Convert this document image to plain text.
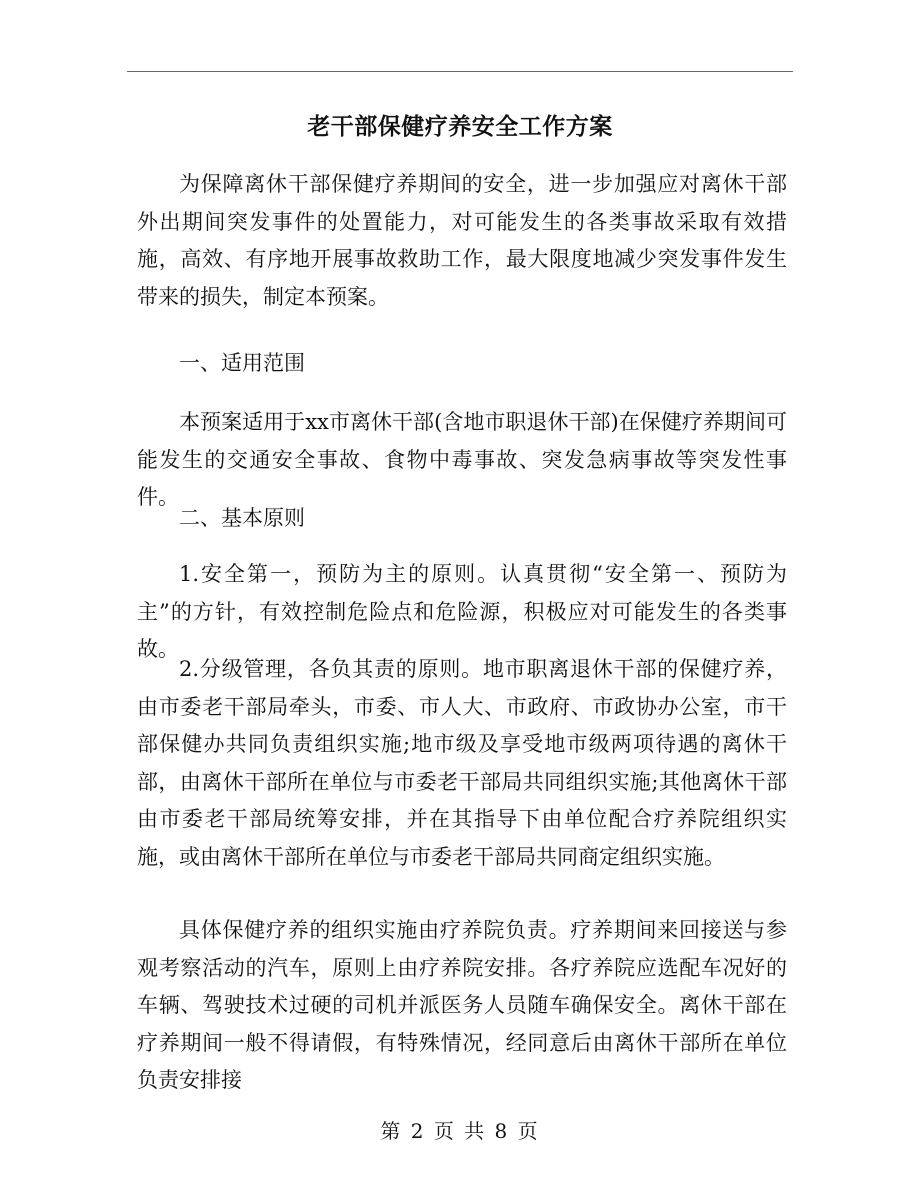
老干部保健疗养安全工作方案

为保障离休干部保健疗养期间的安全，进一步加强应对离休干部外出期间突发事件的处置能力，对可能发生的各类事故采取有效措施，高效、有序地开展事故救助工作，最大限度地减少突发事件发生带来的损失，制定本预案。

一、适用范围

本预案适用于xx市离休干部(含地市职退休干部)在保健疗养期间可能发生的交通安全事故、食物中毒事故、突发急病事故等突发性事件。

二、基本原则

1.安全第一，预防为主的原则。认真贯彻“安全第一、预防为主”的方针，有效控制危险点和危险源，积极应对可能发生的各类事故。

2.分级管理，各负其责的原则。地市职离退休干部的保健疗养，由市委老干部局牵头，市委、市人大、市政府、市政协办公室，市干部保健办共同负责组织实施;地市级及享受地市级两项待遇的离休干部，由离休干部所在单位与市委老干部局共同组织实施;其他离休干部由市委老干部局统筹安排，并在其指导下由单位配合疗养院组织实施，或由离休干部所在单位与市委老干部局共同商定组织实施。

具体保健疗养的组织实施由疗养院负责。疗养期间来回接送与参观考察活动的汽车，原则上由疗养院安排。各疗养院应选配车况好的车辆、驾驶技术过硬的司机并派医务人员随车确保安全。离休干部在疗养期间一般不得请假，有特殊情况，经同意后由离休干部所在单位负责安排接

第 2 页 共 8 页
